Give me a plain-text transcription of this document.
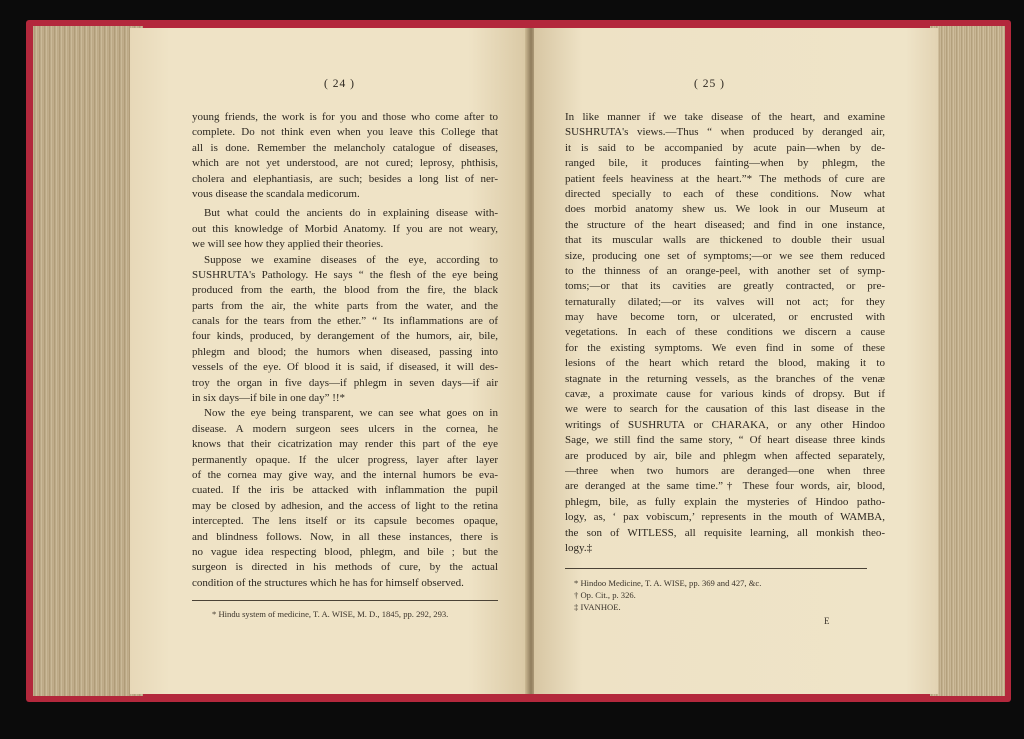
( 24 )
young friends, the work is for you and those who come after to
complete. Do not think even when you leave this College that
all is done. Remember the melancholy catalogue of diseases,
which are not yet understood, are not cured; leprosy, phthisis,
cholera and elephantiasis, are such; besides a long list of ner-
vous disease the scandala medicorum.
But what could the ancients do in explaining disease with-
out this knowledge of Morbid Anatomy. If you are not weary,
we will see how they applied their theories.
Suppose we examine diseases of the eye, according to
SUSHRUTA's Pathology. He says “ the flesh of the eye being
produced from the earth, the blood from the fire, the black
parts from the air, the white parts from the water, and the
canals for the tears from the ether.” “ Its inflammations are of
four kinds, produced, by derangement of the humors, air, bile,
phlegm and blood; the humors when diseased, passing into
vessels of the eye. Of blood it is said, if diseased, it will des-
troy the organ in five days—if phlegm in seven days—if air
in six days—if bile in one day” !!*
Now the eye being transparent, we can see what goes on in
disease. A modern surgeon sees ulcers in the cornea, he
knows that their cicatrization may render this part of the eye
permanently opaque. If the ulcer progress, layer after layer
of the cornea may give way, and the internal humors be eva-
cuated. If the iris be attacked with inflammation the pupil
may be closed by adhesion, and the access of light to the retina
intercepted. The lens itself or its capsule becomes opaque,
and blindness follows. Now, in all these instances, there is
no vague idea respecting blood, phlegm, and bile ; but the
surgeon is directed in his methods of cure, by the actual
condition of the structures which he has for himself observed.
* Hindu system of medicine, T. A. WISE, M. D., 1845, pp. 292, 293.
( 25 )
In like manner if we take disease of the heart, and examine
SUSHRUTA's views.—Thus “ when produced by deranged air,
it is said to be accompanied by acute pain—when by de-
ranged bile, it produces fainting—when by phlegm, the
patient feels heaviness at the heart.”* The methods of cure are
directed specially to each of these conditions. Now what
does morbid anatomy shew us. We look in our Museum at
the structure of the heart diseased; and find in one instance,
that its muscular walls are thickened to double their usual
size, producing one set of symptoms;—or we see them reduced
to the thinness of an orange-peel, with another set of symp-
toms;—or that its cavities are greatly contracted, or pre-
ternaturally dilated;—or its valves will not act; for they
may have become torn, or ulcerated, or encrusted with
vegetations. In each of these conditions we discern a cause
for the existing symptoms. We even find in some of these
lesions of the heart which retard the blood, making it to
stagnate in the returning vessels, as the branches of the venæ
cavæ, a proximate cause for various kinds of dropsy. But if
we were to search for the causation of this last disease in the
writings of SUSHRUTA or CHARAKA, or any other Hindoo
Sage, we still find the same story, “ Of heart disease three kinds
are produced by air, bile and phlegm when affected separately,
—three when two humors are deranged—one when three
are deranged at the same time.”† These four words, air, blood,
phlegm, bile, as fully explain the mysteries of Hindoo patho-
logy, as, ‘ pax vobiscum,’ represents in the mouth of WAMBA,
the son of WITLESS, all requisite learning, all monkish theo-
logy.‡
* Hindoo Medicine, T. A. WISE, pp. 369 and 427, &c.
† Op. Cit., p. 326.
‡ IVANHOE.
E
